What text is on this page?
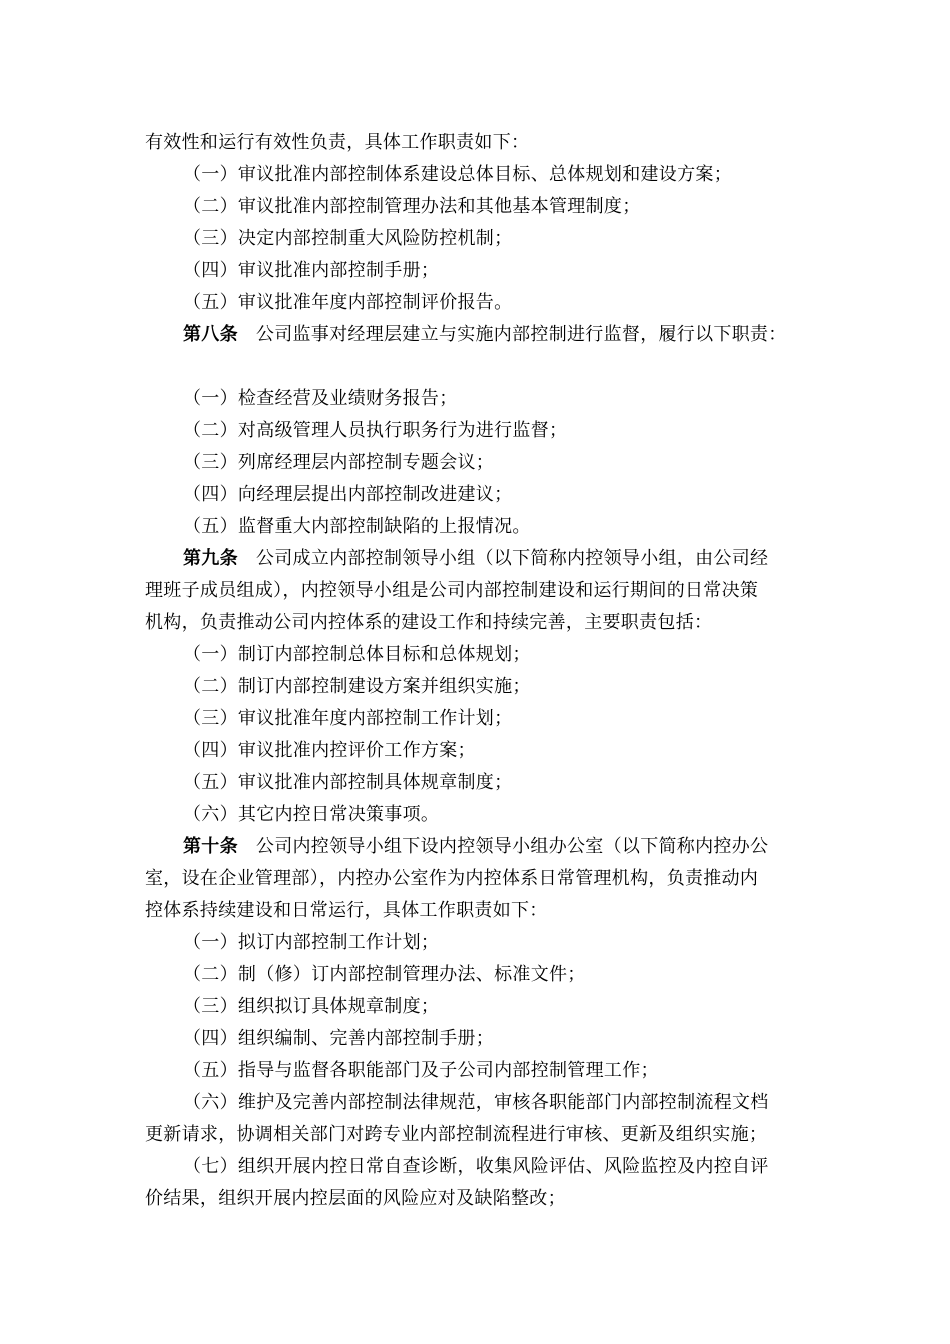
有效性和运行有效性负责，具体工作职责如下：
（一）审议批准内部控制体系建设总体目标、总体规划和建设方案；
（二）审议批准内部控制管理办法和其他基本管理制度；
（三）决定内部控制重大风险防控机制；
（四）审议批准内部控制手册；
（五）审议批准年度内部控制评价报告。
第八条 公司监事对经理层建立与实施内部控制进行监督，履行以下职责：
（一）检查经营及业绩财务报告；
（二）对高级管理人员执行职务行为进行监督；
（三）列席经理层内部控制专题会议；
（四）向经理层提出内部控制改进建议；
（五）监督重大内部控制缺陷的上报情况。
第九条 公司成立内部控制领导小组（以下简称内控领导小组，由公司经
理班子成员组成），内控领导小组是公司内部控制建设和运行期间的日常决策
机构，负责推动公司内控体系的建设工作和持续完善，主要职责包括：
（一）制订内部控制总体目标和总体规划；
（二）制订内部控制建设方案并组织实施；
（三）审议批准年度内部控制工作计划；
（四）审议批准内控评价工作方案；
（五）审议批准内部控制具体规章制度；
（六）其它内控日常决策事项。
第十条 公司内控领导小组下设内控领导小组办公室（以下简称内控办公
室，设在企业管理部），内控办公室作为内控体系日常管理机构，负责推动内
控体系持续建设和日常运行，具体工作职责如下：
（一）拟订内部控制工作计划；
（二）制（修）订内部控制管理办法、标准文件；
（三）组织拟订具体规章制度；
（四）组织编制、完善内部控制手册；
（五）指导与监督各职能部门及子公司内部控制管理工作；
（六）维护及完善内部控制法律规范，审核各职能部门内部控制流程文档
更新请求，协调相关部门对跨专业内部控制流程进行审核、更新及组织实施；
（七）组织开展内控日常自查诊断，收集风险评估、风险监控及内控自评
价结果，组织开展内控层面的风险应对及缺陷整改；
